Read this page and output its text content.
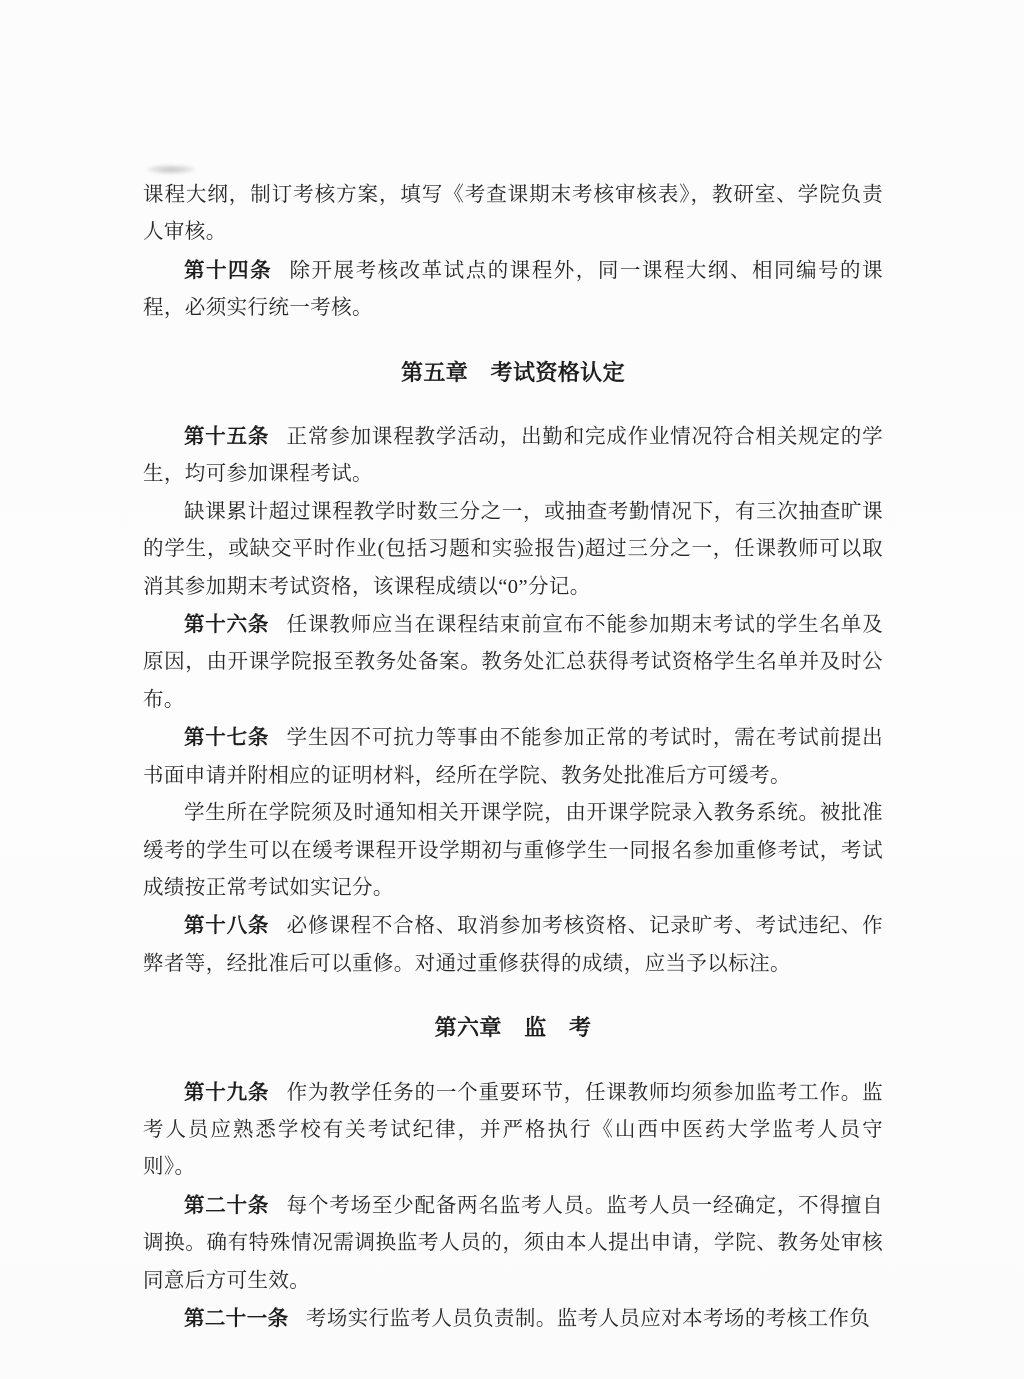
课程大纲，制订考核方案，填写《考查课期末考核审核表》，教研室、学院负责人审核。

第十四条 除开展考核改革试点的课程外，同一课程大纲、相同编号的课程，必须实行统一考核。

第五章　考试资格认定

第十五条 正常参加课程教学活动，出勤和完成作业情况符合相关规定的学生，均可参加课程考试。

缺课累计超过课程教学时数三分之一，或抽查考勤情况下，有三次抽查旷课的学生，或缺交平时作业(包括习题和实验报告)超过三分之一，任课教师可以取消其参加期末考试资格，该课程成绩以“0”分记。

第十六条 任课教师应当在课程结束前宣布不能参加期末考试的学生名单及原因，由开课学院报至教务处备案。教务处汇总获得考试资格学生名单并及时公布。

第十七条 学生因不可抗力等事由不能参加正常的考试时，需在考试前提出书面申请并附相应的证明材料，经所在学院、教务处批准后方可缓考。

学生所在学院须及时通知相关开课学院，由开课学院录入教务系统。被批准缓考的学生可以在缓考课程开设学期初与重修学生一同报名参加重修考试，考试成绩按正常考试如实记分。

第十八条 必修课程不合格、取消参加考核资格、记录旷考、考试违纪、作弊者等，经批准后可以重修。对通过重修获得的成绩，应当予以标注。

第六章　监　考

第十九条 作为教学任务的一个重要环节，任课教师均须参加监考工作。监考人员应熟悉学校有关考试纪律，并严格执行《山西中医药大学监考人员守则》。

第二十条 每个考场至少配备两名监考人员。监考人员一经确定，不得擅自调换。确有特殊情况需调换监考人员的，须由本人提出申请，学院、教务处审核同意后方可生效。

第二十一条 考场实行监考人员负责制。监考人员应对本考场的考核工作负
